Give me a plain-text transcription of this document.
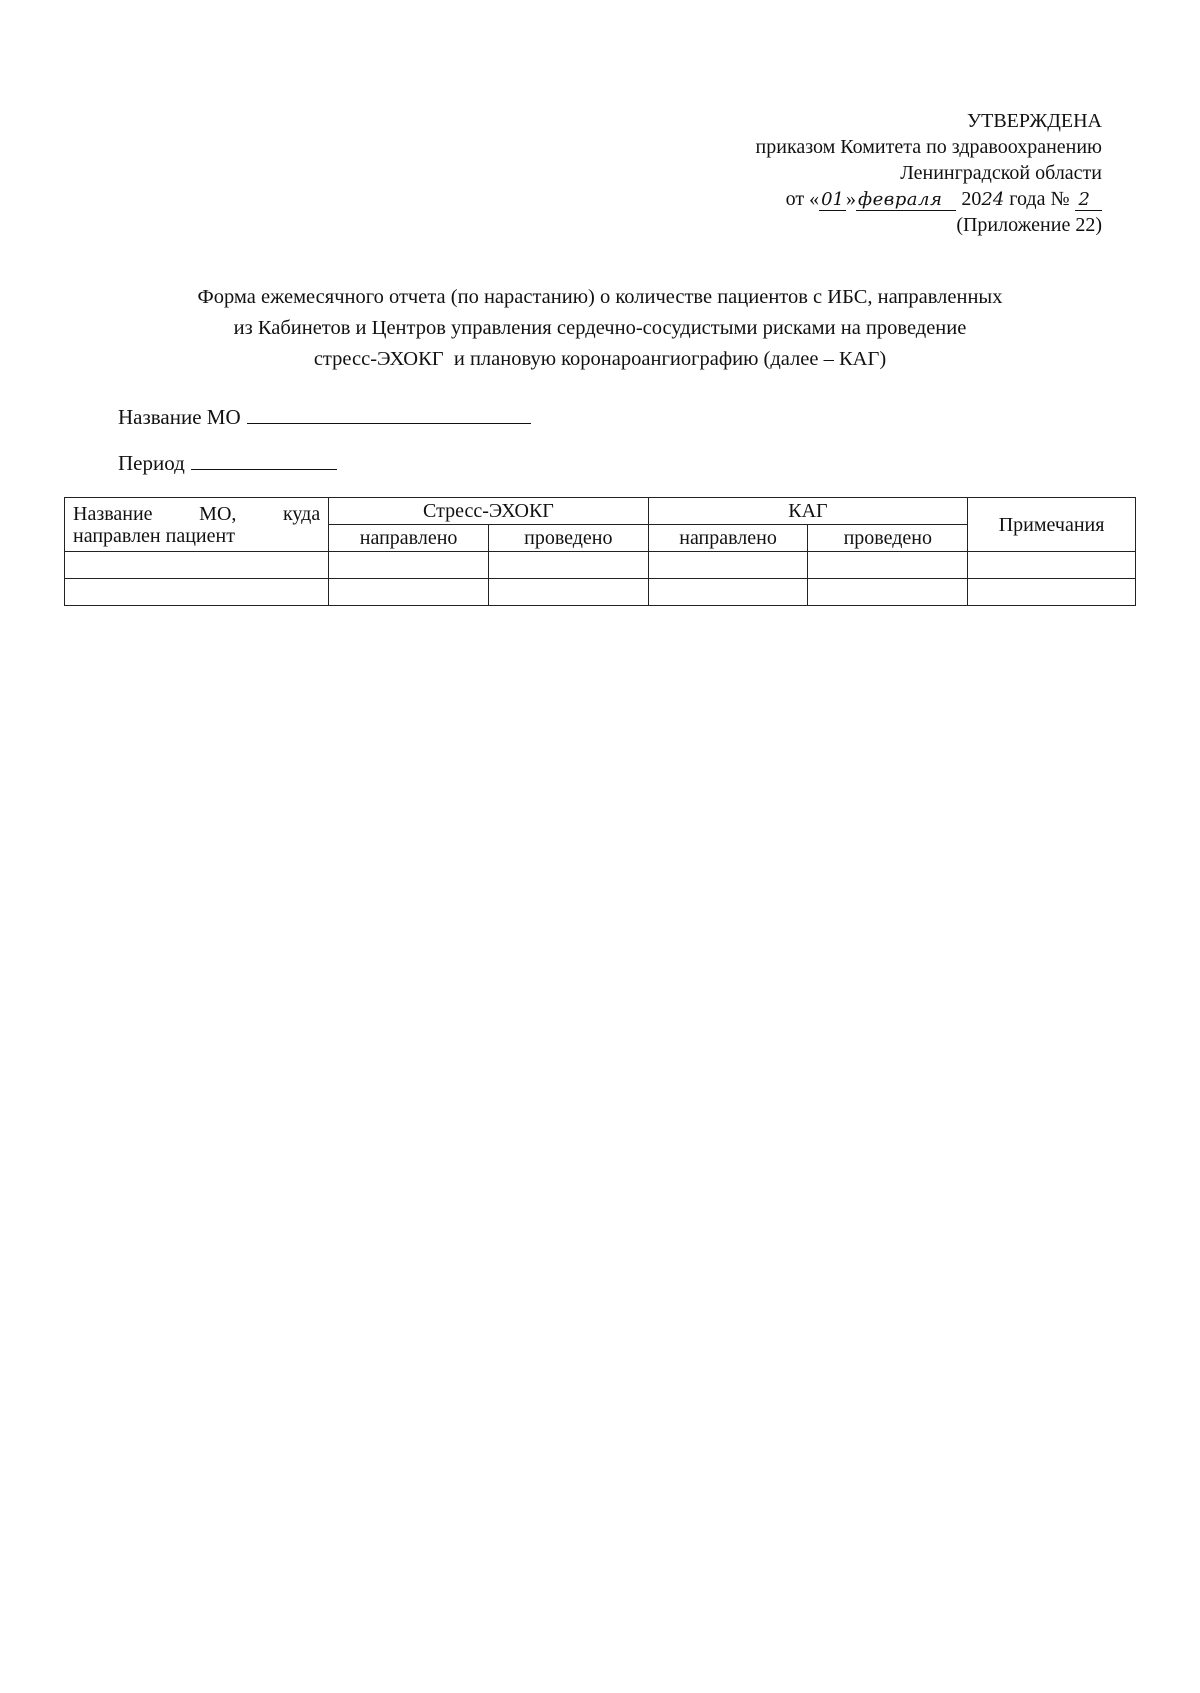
УТВЕРЖДЕНА
приказом Комитета по здравоохранению
Ленинградской области
от « 01 » февраля 2024 года № 2
(Приложение 22)
Форма ежемесячного отчета (по нарастанию) о количестве пациентов с ИБС, направленных
из Кабинетов и Центров управления сердечно-сосудистыми рисками на проведение
стресс-ЭХОКГ  и плановую коронароангиографию (далее – КАГ)
Название МО
Период
Название МО, куда
направлен пациент	Стресс-ЭХОКГ		КАГ		Примечания
	направлено	проведено	направлено	проведено	
